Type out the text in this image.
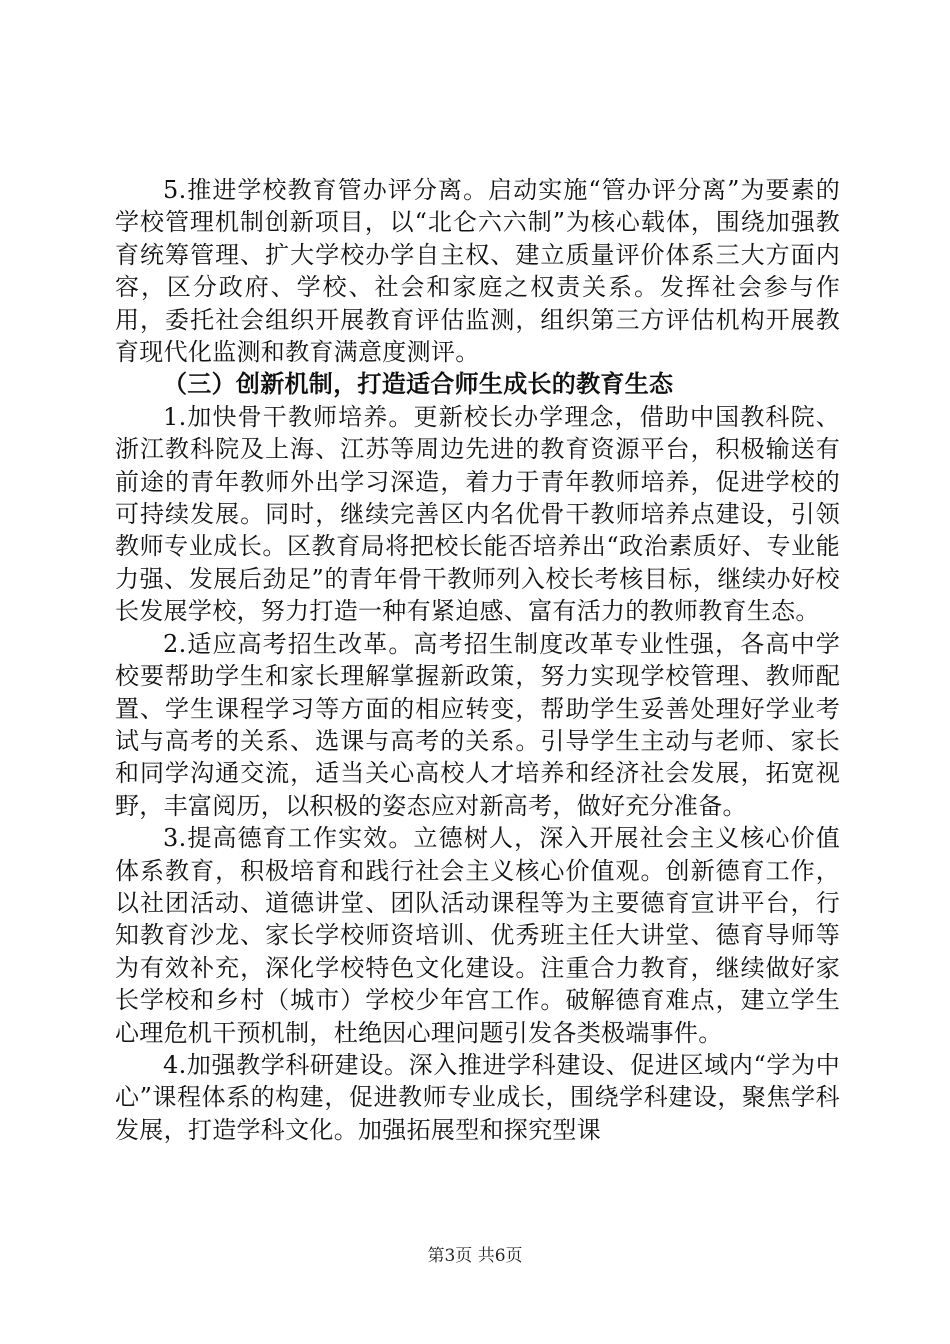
5.推进学校教育管办评分离。启动实施“管办评分离”为要素的学校管理机制创新项目，以“北仑六六制”为核心载体，围绕加强教育统筹管理、扩大学校办学自主权、建立质量评价体系三大方面内容，区分政府、学校、社会和家庭之权责关系。发挥社会参与作用，委托社会组织开展教育评估监测，组织第三方评估机构开展教育现代化监测和教育满意度测评。

（三）创新机制，打造适合师生成长的教育生态

1.加快骨干教师培养。更新校长办学理念，借助中国教科院、浙江教科院及上海、江苏等周边先进的教育资源平台，积极输送有前途的青年教师外出学习深造，着力于青年教师培养，促进学校的可持续发展。同时，继续完善区内名优骨干教师培养点建设，引领教师专业成长。区教育局将把校长能否培养出“政治素质好、专业能力强、发展后劲足”的青年骨干教师列入校长考核目标，继续办好校长发展学校，努力打造一种有紧迫感、富有活力的教师教育生态。

2.适应高考招生改革。高考招生制度改革专业性强，各高中学校要帮助学生和家长理解掌握新政策，努力实现学校管理、教师配置、学生课程学习等方面的相应转变，帮助学生妥善处理好学业考试与高考的关系、选课与高考的关系。引导学生主动与老师、家长和同学沟通交流，适当关心高校人才培养和经济社会发展，拓宽视野，丰富阅历，以积极的姿态应对新高考，做好充分准备。

3.提高德育工作实效。立德树人，深入开展社会主义核心价值体系教育，积极培育和践行社会主义核心价值观。创新德育工作，以社团活动、道德讲堂、团队活动课程等为主要德育宣讲平台，行知教育沙龙、家长学校师资培训、优秀班主任大讲堂、德育导师等为有效补充，深化学校特色文化建设。注重合力教育，继续做好家长学校和乡村（城市）学校少年宫工作。破解德育难点，建立学生心理危机干预机制，杜绝因心理问题引发各类极端事件。

4.加强教学科研建设。深入推进学科建设、促进区域内“学为中心”课程体系的构建，促进教师专业成长，围绕学科建设，聚焦学科发展，打造学科文化。加强拓展型和探究型课

第3页 共6页
